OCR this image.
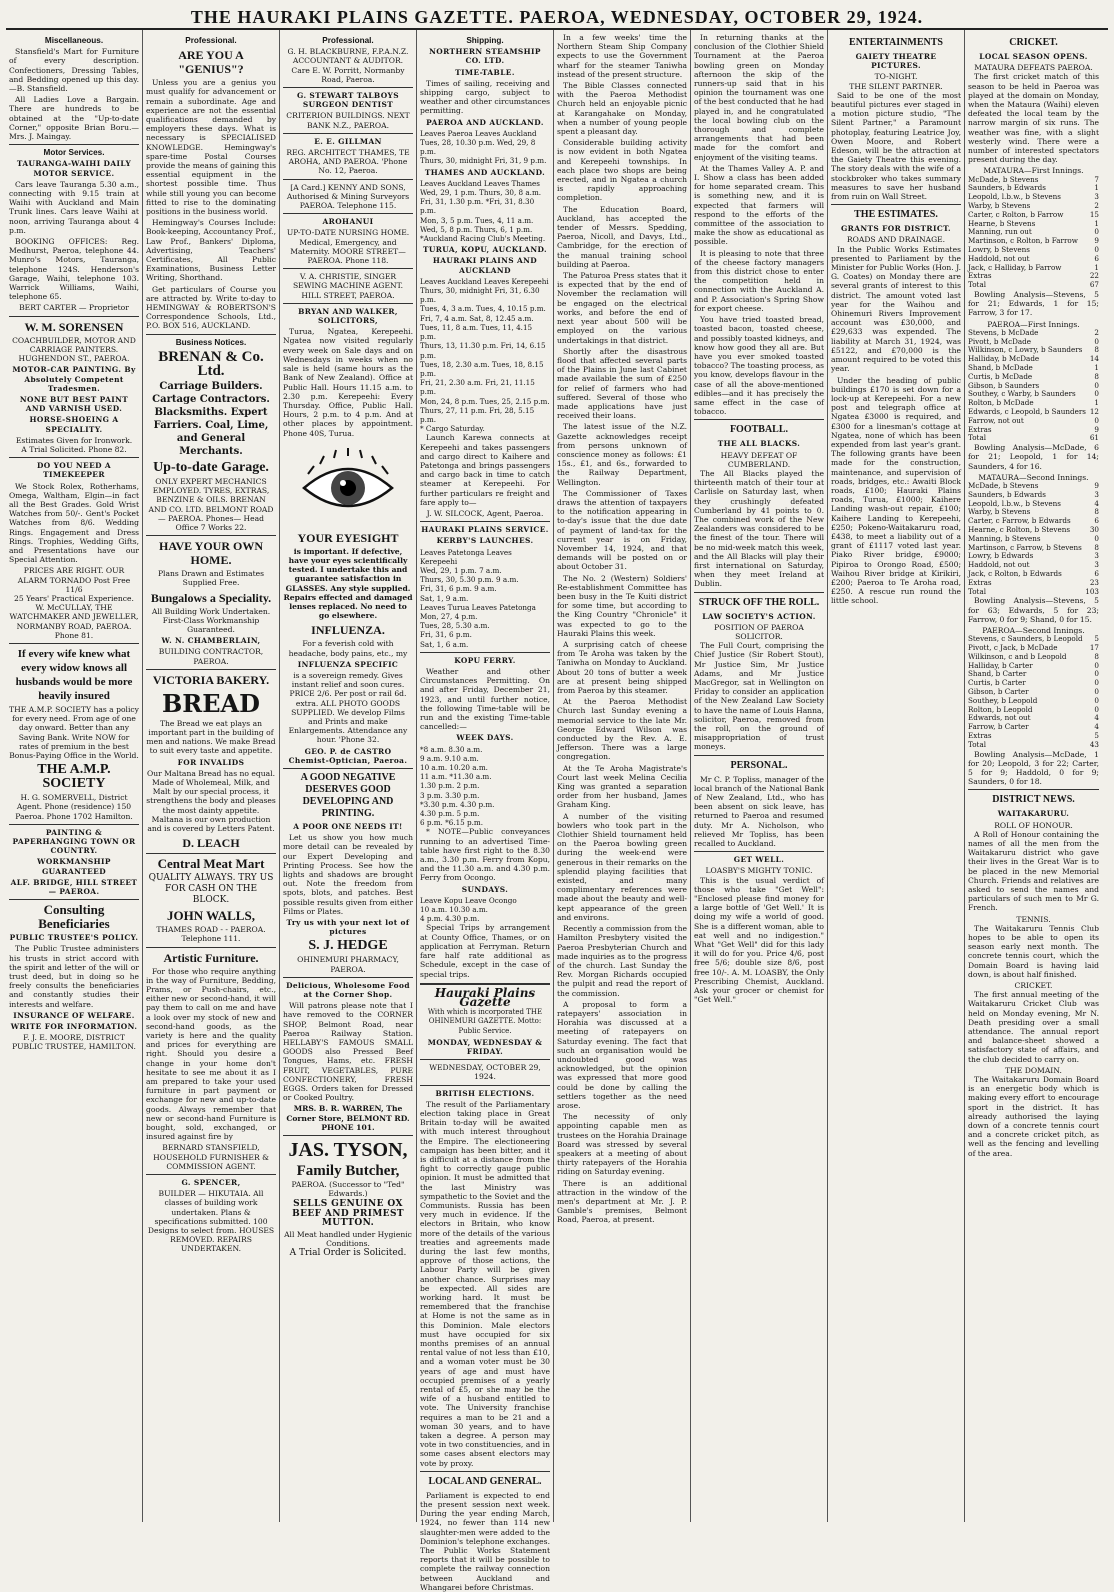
THE HAURAKI PLAINS GAZETTE. PAEROA, WEDNESDAY, OCTOBER 29, 1924.
Miscellaneous.

Stansfield's Mart for Furniture of every description. Confectioners, Dressing Tables, and Bedding opened up this day.—B. Stansfield.

All Ladies Love a Bargain. There are hundreds to be obtained at the "Up-to-date Corner," opposite Brian Boru.—Mrs. J. Maingay.

Motor Services.
TAURANGA-WAIHI DAILY MOTOR SERVICE.

Cars leave Tauranga 5.30 a.m., connecting with 9.15 train at Waihi with Auckland and Main Trunk lines. Cars leave Waihi at noon, arriving Tauranga about 4 p.m.

BOOKING OFFICES: Reg. Medhurst, Paeroa, telephone 44. Munro's Motors, Tauranga, telephone 124S. Henderson's Garage, Waihi, telephone 103. Warrick Williams, Waihi, telephone 65.

BERT CARTER — Proprietor
W. M. SORENSEN
COACHBUILDER, MOTOR AND CARRIAGE PAINTERS. HUGHENDON ST., PAEROA.
MOTOR-CAR PAINTING. By Absolutely Competent Tradesmen.
NONE BUT BEST PAINT AND VARNISH USED.
HORSE-SHOEING A SPECIALITY.
Estimates Given for Ironwork.
A Trial Solicited. Phone 82.
DO YOU NEED A TIMEKEEPER

We Stock Rolex, Rotherhams, Omega, Waltham, Elgin—in fact all the Best Grades. Gold Wrist Watches from 50/-. Gent's Pocket Watches from 8/6. Wedding Rings. Engagement and Dress Rings. Trophies, Wedding Gifts, and Presentations have our Special Attention.

PRICES ARE RIGHT. OUR ALARM TORNADO Post Free 11/6
25 Years' Practical Experience.
W. McCULLAY, THE WATCHMAKER AND JEWELLER, NORMANBY ROAD, PAEROA. Phone 81.
If every wife knew what every widow knows all husbands would be more heavily insured

THE A.M.P. SOCIETY has a policy for every need. From age of one day onward. Better than any Saving Bank. Write NOW for rates of premium in the best Bonus-Paying Office in the World.

THE A.M.P. SOCIETY
H. G. SOMERVELL, District Agent. Phone (residence) 150 Paeroa. Phone 1702 Hamilton.
PAINTING & PAPERHANGING TOWN OR COUNTRY.
WORKMANSHIP GUARANTEED
ALF. BRIDGE, HILL STREET — PAEROA.
Consulting Beneficiaries
PUBLIC TRUSTEE'S POLICY.

The Public Trustee administers his trusts in strict accord with the spirit and letter of the will or trust deed, but in doing so he freely consults the beneficiaries and constantly studies their interests and welfare.

INSURANCE OF WELFARE.
WRITE FOR INFORMATION.
F. J. E. MOORE, DISTRICT PUBLIC TRUSTEE, HAMILTON.
Professional.
ARE YOU A "GENIUS"?

Unless you are a genius you must qualify for advancement or remain a subordinate. Age and experience are not the essential qualifications demanded by employers these days. What is necessary is SPECIALISED KNOWLEDGE. Hemingway's spare-time Postal Courses provide the means of gaining this essential equipment in the shortest possible time. Thus while still young you can become fitted to rise to the dominating positions in the business world.

Hemingway's Courses Include: Book-keeping, Accountancy Prof., Law Prof., Bankers' Diploma, Advertising, Teachers' Certificates, All Public Examinations, Business Letter Writing, Shorthand.

Get particulars of Course you are attracted by. Write to-day to HEMINGWAY & ROBERTSON'S Correspondence Schools, Ltd., P.O. BOX 516, AUCKLAND.

Business Notices.
BRENAN & Co. Ltd.
Carriage Builders. Cartage Contractors. Blacksmiths. Expert Farriers. Coal, Lime, and General Merchants.
Up-to-date Garage.
ONLY EXPERT MECHANICS EMPLOYED. TYRES, EXTRAS, BENZINE & OILS. BRENAN AND CO. LTD. BELMONT ROAD — PAEROA. Phones— Head Office 7 Works 22.
HAVE YOUR OWN HOME.
Plans Drawn and Estimates Supplied Free.
Bungalows a Speciality.
All Building Work Undertaken. First-Class Workmanship Guaranteed.
W. N. CHAMBERLAIN,
BUILDING CONTRACTOR, PAEROA.
VICTORIA BAKERY.
BREAD

The Bread we eat plays an important part in the building of men and nations. We make Bread to suit every taste and appetite.

FOR INVALIDS

Our Maltana Bread has no equal. Made of Wholemeal, Milk, and Malt by our special process, it strengthens the body and pleases the most dainty appetite. Maltana is our own production and is covered by Letters Patent.

D. LEACH
Central Meat Mart
QUALITY ALWAYS. TRY US FOR CASH ON THE BLOCK.
JOHN WALLS,
THAMES ROAD - - PAEROA. Telephone 111.
Artistic Furniture.

For those who require anything in the way of Furniture, Bedding, Prams, or Push-chairs, etc., either new or second-hand, it will pay them to call on me and have a look over my stock of new and second-hand goods, as the variety is here and the quality and prices for everything are right. Should you desire a change in your home don't hesitate to see me about it as I am prepared to take your used furniture in part payment or exchange for new and up-to-date goods. Always remember that new or second-hand Furniture is bought, sold, exchanged, or insured against fire by

BERNARD STANSFIELD, HOUSEHOLD FURNISHER & COMMISSION AGENT.
G. SPENCER,
BUILDER — HIKUTAIA. All classes of building work undertaken. Plans & specifications submitted. 100 Designs to select from. HOUSES REMOVED. REPAIRS UNDERTAKEN.
Professional.
G. H. BLACKBURNE, F.P.A.N.Z. ACCOUNTANT & AUDITOR. Care E. W. Porritt, Normanby Road, Paeroa.
G. STEWART TALBOYS SURGEON DENTIST
CRITERION BUILDINGS. NEXT BANK N.Z., PAEROA.
E. E. GILLMAN
REG. ARCHITECT THAMES, TE AROHA, AND PAEROA. 'Phone No. 12, Paeroa.
[A Card.] KENNY AND SONS, Authorised & Mining Surveyors PAEROA. Telephone 115.
AROHANUI
UP-TO-DATE NURSING HOME. Medical, Emergency, and Maternity. MOORE STREET—PAEROA. Phone 118.
V. A. CHRISTIE, SINGER SEWING MACHINE AGENT. HILL STREET, PAEROA.
BRYAN AND WALKER, SOLICITORS,

Turua, Ngatea, Kerepeehi. Ngatea now visited regularly every week on Sale days and on Wednesdays in weeks when no sale is held (same hours as the Bank of New Zealand). Office at Public Hall. Hours 11.15 a.m. to 2.30 p.m. Kerepeehi: Every Thursday. Office, Public Hall. Hours, 2 p.m. to 4 p.m. And at other places by appointment. Phone 40S, Turua.

YOUR EYESIGHT

is important. If defective, have your eyes scientifically tested. I undertake this and guarantee satisfaction in GLASSES. Any style supplied. Repairs effected and damaged lenses replaced. No need to go elsewhere.

INFLUENZA.
For a feverish cold with headache, body pains, etc., my
INFLUENZA SPECIFIC

is a sovereign remedy. Gives instant relief and soon cures. PRICE 2/6. Per post or rail 6d. extra. ALL PHOTO GOODS SUPPLIED. We develop Films and Prints and make Enlargements. Attendance any hour. 'Phone 32.

GEO. P. de CASTRO Chemist-Optician, Paeroa.
A GOOD NEGATIVE DESERVES GOOD DEVELOPING AND PRINTING.
A POOR ONE NEEDS IT!

Let us show you how much more detail can be revealed by our Expert Developing and Printing Process. See how the lights and shadows are brought out. Note the freedom from spots, blots, and patches. Best possible results given from either Films or Plates.

Try us with your next lot of pictures
S. J. HEDGE
OHINEMURI PHARMACY, PAEROA.
Delicious, Wholesome Food at the Corner Shop.

Will patrons please note that I have removed to the CORNER SHOP, Belmont Road, near Paeroa Railway Station. HELLABY'S FAMOUS SMALL GOODS also Pressed Beef Tongues, Hams, etc. FRESH FRUIT, VEGETABLES, PURE CONFECTIONERY, FRESH EGGS. Orders taken for Dressed or Cooked Poultry.

MRS. B. R. WARREN, The Corner Store, BELMONT RD. PHONE 101.
JAS. TYSON,
Family Butcher,
PAEROA. (Successor to "Ted" Edwards.)
SELLS GENUINE OX BEEF AND PRIMEST MUTTON.
All Meat handled under Hygienic Conditions.
A Trial Order is Solicited.
Shipping.
NORTHERN STEAMSHIP CO. LTD.
TIME-TABLE.

Times of sailing, receiving and shipping cargo, subject to weather and other circumstances permitting.

PAEROA AND AUCKLAND.
Leaves Paeroa Leaves Auckland
Tues, 28, 10.30 p.m. Wed, 29, 8 p.m.
Thurs, 30, midnight Fri, 31, 9 p.m.
THAMES AND AUCKLAND.
Leaves Auckland Leaves Thames
Wed, 29, 1 p.m. Thurs, 30, 8 a.m.
Fri, 31, 1.30 p.m. *Fri, 31, 8.30 p.m.
Mon, 3, 5 p.m. Tues, 4, 11 a.m.
Wed, 5, 8 p.m. Thurs, 6, 1 p.m.
*Auckland Racing Club's Meeting.
TURUA, KOPU, AUCKLAND.
HAURAKI PLAINS AND AUCKLAND
Leaves Auckland Leaves Kerepeehi
Thurs, 30, midnight Fri, 31, 6.30 p.m.
Tues, 4, 3 a.m. Tues, 4, 10.15 p.m.
Fri, 7, 4 a.m. Sat, 8, 12.45 a.m.
Tues, 11, 8 a.m. Tues, 11, 4.15 p.m.
Thurs, 13, 11.30 p.m. Fri, 14, 6.15 p.m.
Tues, 18, 2.30 a.m. Tues, 18, 8.15 p.m.
Fri, 21, 2.30 a.m. Fri, 21, 11.15 p.m.
Mon, 24, 8 p.m. Tues, 25, 2.15 p.m.
Thurs, 27, 11 p.m. Fri, 28, 5.15 p.m.
* Cargo Saturday.

Launch Karewa connects at Kerepeehi and takes passengers and cargo direct to Kaihere and Patetonga and brings passengers and cargo back in time to catch steamer at Kerepeehi. For further particulars re freight and fare apply to—

J. W. SILCOCK, Agent, Paeroa.
HAURAKI PLAINS SERVICE.
KERBY'S LAUNCHES.
Leaves Patetonga Leaves Kerepeehi
Wed, 29, 1 p.m. 7 a.m.
Thurs, 30, 5.30 p.m. 9 a.m.
Fri, 31, 6 p.m. 9 a.m.
Sat, 1, 9 a.m.
Leaves Turua Leaves Patetonga
Mon, 27, 4 p.m.
Tues, 28, 5.30 a.m.
Fri, 31, 6 p.m.
Sat, 1, 6 a.m.
KOPU FERRY.

Weather and other Circumstances Permitting. On and after Friday, December 21, 1923, and until further notice, the following Time-table will be run and the existing Time-table cancelled:—

WEEK DAYS.
*8 a.m. 8.30 a.m.
9 a.m. 9.10 a.m.
10 a.m. 10.20 a.m.
11 a.m. *11.30 a.m.
1.30 p.m. 2 p.m.
3 p.m. 3.30 p.m.
*3.30 p.m. 4.30 p.m.
4.30 p.m. 5 p.m.
6 p.m. *6.15 p.m.

* NOTE—Public conveyances running to an advertised Time-table have first right to the 8.30 a.m., 3.30 p.m. Ferry from Kopu, and the 11.30 a.m. and 4.30 p.m. Ferry from Ocongo.

SUNDAYS.
Leave Kopu Leave Ocongo
10 a.m. 10.30 a.m.
4 p.m. 4.30 p.m.

Special Trips by arrangement at County Office, Thames, or on application at Ferryman. Return fare half rate additional as Schedule, except in the case of special trips.

Hauraki Plains Gazette
With which is incorporated THE OHINEMURI GAZETTE. Motto: Public Service.
MONDAY, WEDNESDAY & FRIDAY.
WEDNESDAY, OCTOBER 29, 1924.
BRITISH ELECTIONS.

The result of the Parliamentary election taking place in Great Britain to-day will be awaited with much interest throughout the Empire. The electioneering campaign has been bitter, and it is difficult at a distance from the fight to correctly gauge public opinion. It must be admitted that the last Ministry was sympathetic to the Soviet and the Communists. Russia has been very much in evidence. If the electors in Britain, who know more of the details of the various treaties and agreements made during the last few months, approve of those actions, the Labour Party will be given another chance. Surprises may be expected. All sides are working hard. It must be remembered that the franchise at Home is not the same as in this Dominion. Male electors must have occupied for six months premises of an annual rental value of not less than £10, and a woman voter must be 30 years of age and must have occupied premises of a yearly rental of £5, or she may be the wife of a husband entitled to vote. The University franchise requires a man to be 21 and a woman 30 years, and to have taken a degree. A person may vote in two constituencies, and in some cases absent electors may vote by proxy.

LOCAL AND GENERAL.

Parliament is expected to end the present session next week. During the year ending March, 1924, no fewer than 114 new slaughter-men were added to the Dominion's telephone exchanges. The Public Works Statement reports that it will be possible to complete the railway connection between Auckland and Whangarei before Christmas.

In a few weeks' time the Northern Steam Ship Company expects to use the Government wharf for the steamer Taniwha instead of the present structure.

The Bible Classes connected with the Paeroa Methodist Church held an enjoyable picnic at Karangahake on Monday, when a number of young people spent a pleasant day.

Considerable building activity is now evident in both Ngatea and Kerepeehi townships. In each place two shops are being erected, and in Ngatea a church is rapidly approaching completion.

The Education Board, Auckland, has accepted the tender of Messrs. Spedding, Paeroa, Nicoll, and Davys, Ltd., Cambridge, for the erection of the manual training school building at Paeroa.

The Paturoa Press states that it is expected that by the end of November the reclamation will be engaged on the electrical works, and before the end of next year about 500 will be employed on the various undertakings in that district.

Shortly after the disastrous flood that affected several parts of the Plains in June last Cabinet made available the sum of £250 for relief of farmers who had suffered. Several of those who made applications have just received their loans.

The latest issue of the N.Z. Gazette acknowledges receipt from persons unknown of conscience money as follows: £1 15s., £1, and 6s., forwarded to the Railway Department, Wellington.

The Commissioner of Taxes draws the attention of taxpayers to the notification appearing in to-day's issue that the due date of payment of land-tax for the current year is on Friday, November 14, 1924, and that demands will be posted on or about October 31.

The No. 2 (Western) Soldiers' Re-establishment Committee has been busy in the Te Kuiti district for some time, but according to the King Country "Chronicle" it was expected to go to the Hauraki Plains this week.

A surprising catch of cheese from Te Aroha was taken by the Taniwha on Monday to Auckland. About 20 tons of butter a week are at present being shipped from Paeroa by this steamer.

At the Paeroa Methodist Church last Sunday evening a memorial service to the late Mr. George Edward Wilson was conducted by the Rev. A. E. Jefferson. There was a large congregation.

At the Te Aroha Magistrate's Court last week Melina Cecilia King was granted a separation order from her husband, James Graham King.

A number of the visiting bowlers who took part in the Clothier Shield tournament held on the Paeroa bowling green during the week-end were generous in their remarks on the splendid playing facilities that existed, and many complimentary references were made about the beauty and well-kept appearance of the green and environs.

Recently a commission from the Hamilton Presbytery visited the Paeroa Presbyterian Church and made inquiries as to the progress of the church. Last Sunday the Rev. Morgan Richards occupied the pulpit and read the report of the commission.

A proposal to form a ratepayers' association in Horahia was discussed at a meeting of ratepayers on Saturday evening. The fact that such an organisation would be undoubted good was acknowledged, but the opinion was expressed that more good could be done by calling the settlers together as the need arose.

The necessity of only appointing capable men as trustees on the Horahia Drainage Board was stressed by several speakers at a meeting of about thirty ratepayers of the Horahia riding on Saturday evening.

There is an additional attraction in the window of the men's department at Mr. J. P. Gamble's premises, Belmont Road, Paeroa, at present.

In returning thanks at the conclusion of the Clothier Shield Tournament at the Paeroa bowling green on Monday afternoon the skip of the runners-up said that in his opinion the tournament was one of the best conducted that he had played in, and he congratulated the local bowling club on the thorough and complete arrangements that had been made for the comfort and enjoyment of the visiting teams.

At the Thames Valley A. P. and I. Show a class has been added for home separated cream. This is something new, and it is expected that farmers will respond to the efforts of the committee of the association to make the show as educational as possible.

It is pleasing to note that three of the cheese factory managers from this district chose to enter the competition held in connection with the Auckland A. and P. Association's Spring Show for export cheese.

You have tried toasted bread, toasted bacon, toasted cheese, and possibly toasted kidneys, and know how good they all are. But have you ever smoked toasted tobacco? The toasting process, as you know, develops flavour in the case of all the above-mentioned edibles—and it has precisely the same effect in the case of tobacco.

FOOTBALL.
THE ALL BLACKS.
HEAVY DEFEAT OF CUMBERLAND.

The All Blacks played the thirteenth match of their tour at Carlisle on Saturday last, when they crushingly defeated Cumberland by 41 points to 0. The combined work of the New Zealanders was considered to be the finest of the tour. There will be no mid-week match this week, and the All Blacks will play their first international on Saturday, when they meet Ireland at Dublin.

STRUCK OFF THE ROLL.
LAW SOCIETY'S ACTION.
POSITION OF PAEROA SOLICITOR.

The Full Court, comprising the Chief Justice (Sir Robert Stout), Mr Justice Sim, Mr Justice Adams, and Mr Justice MacGregor, sat in Wellington on Friday to consider an application of the New Zealand Law Society to have the name of Louis Hanna, solicitor, Paeroa, removed from the roll, on the ground of misappropriation of trust moneys.

PERSONAL.

Mr C. P. Topliss, manager of the local branch of the National Bank of New Zealand, Ltd., who has been absent on sick leave, has returned to Paeroa and resumed duty. Mr A. Nicholson, who relieved Mr Topliss, has been recalled to Auckland.

GET WELL.
LOASBY'S MIGHTY TONIC.

This is the usual verdict of those who take "Get Well": "Enclosed please find money for a large bottle of 'Get Well.' It is doing my wife a world of good. She is a different woman, able to eat well and no indigestion." What "Get Well" did for this lady it will do for you. Price 4/6, post free 5/6; double size 8/6, post free 10/-. A. M. LOASBY, the Only Prescribing Chemist, Auckland. Ask your grocer or chemist for "Get Well."

ENTERTAINMENTS
GAIETY THEATRE PICTURES.
TO-NIGHT.
THE SILENT PARTNER.

Said to be one of the most beautiful pictures ever staged in a motion picture studio, "The Silent Partner," a Paramount photoplay, featuring Leatrice Joy, Owen Moore, and Robert Edeson, will be the attraction at the Gaiety Theatre this evening. The story deals with the wife of a stockbroker who takes summary measures to save her husband from ruin on Wall Street.

THE ESTIMATES.
GRANTS FOR DISTRICT.
ROADS AND DRAINAGE.

In the Public Works Estimates presented to Parliament by the Minister for Public Works (Hon. J. G. Coates) on Monday there are several grants of interest to this district. The amount voted last year for the Waihou and Ohinemuri Rivers Improvement account was £30,000, and £29,633 was expended. The liability at March 31, 1924, was £5122, and £70,000 is the amount required to be voted this year.

Under the heading of public buildings £170 is set down for a lock-up at Kerepeehi. For a new post and telegraph office at Ngatea £3000 is required, and £300 for a linesman's cottage at Ngatea, none of which has been expended from last year's grant. The following grants have been made for the construction, maintenance, and supervision of roads, bridges, etc.: Awaiti Block roads, £100; Hauraki Plains roads, Turua, £1000; Kaihere Landing wash-out repair, £100; Kaihere Landing to Kerepeehi, £250; Pokeno-Waitakaruru road, £438, to meet a liability out of a grant of £1117 voted last year. Piako River bridge, £9000; Pipiroa to Orongo Road, £500; Waihou River bridge at Kirikiri, £200; Paeroa to Te Aroha road, £250. A rescue run round the little school.

CRICKET.
LOCAL SEASON OPENS.
MATAURA DEFEATS PAEROA.

The first cricket match of this season to be held in Paeroa was played at the domain on Monday, when the Mataura (Waihi) eleven defeated the local team by the narrow margin of six runs. The weather was fine, with a slight westerly wind. There were a number of interested spectators present during the day.

MATAURA—First Innings.
McDade, b Stevens	7
Saunders, b Edwards	1
Leopold, l.b.w., b Stevens	3
Warby, b Stevens	2
Carter, c Rolton, b Farrow	15
Hearne, b Stevens	1
Manning, run out	0
Martinson, c Rolton, b Farrow 9
Lowry, b Stevens	0
Haddold, not out	6
Jack, c Halliday, b Farrow	1
Extras	22
Total	67

Bowling Analysis—Stevens, 5 for 21; Edwards, 1 for 15; Farrow, 3 for 17.

PAEROA—First Innings.
Stevens, b McDade	2
Pivott, b McDade	0
Wilkinson, c Lowry, b Saunders 8
Halliday, b McDade	14
Shand, b McDade	1
Curtis, b McDade	8
Gibson, b Saunders	0
Southey, c Warby, b Saunders	0
Rolton, b McDade	1
Edwards, c Leopold, b Saunders 12
Farrow, not out	0
Extras	9
Total	61

Bowling Analysis—McDade, 6 for 21; Leopold, 1 for 14; Saunders, 4 for 16.

MATAURA—Second Innings.
McDade, b Stevens	9
Saunders, b Edwards	3
Leopold, l.b.w., b Stevens	4
Warby, b Stevens	8
Carter, c Farrow, b Edwards	6
Hearne, c Rolton, b Stevens	30
Manning, b Stevens	0
Martinson, c Farrow, b Stevens 8
Lowry, b Edwards	3
Haddold, not out	3
Jack, c Rolton, b Edwards	6
Extras	23
Total	103

Bowling Analysis—Stevens, 5 for 63; Edwards, 5 for 23; Farrow, 0 for 9; Shand, 0 for 15.

PAEROA—Second Innings.
Stevens, c Saunders, b Leopold 5
Pivott, c Jack, b McDade	17
Wilkinson, c and b Leopold	8
Halliday, b Carter	0
Shand, b Carter	0
Curtis, b Carter	0
Gibson, b Carter	0
Southey, b Leopold	0
Rolton, b Leopold	0
Edwards, not out	4
Farrow, b Carter	4
Extras	5
Total	43

Bowling Analysis—McDade, 1 for 20; Leopold, 3 for 22; Carter, 5 for 9; Haddold, 0 for 9; Saunders, 0 for 18.

DISTRICT NEWS.
WAITAKARURU.
ROLL OF HONOUR.

A Roll of Honour containing the names of all the men from the Waitakaruru district who gave their lives in the Great War is to be placed in the new Memorial Church. Friends and relatives are asked to send the names and particulars of such men to Mr G. French.

TENNIS.

The Waitakaruru Tennis Club hopes to be able to open its season early next month. The concrete tennis court, which the Domain Board is having laid down, is about half finished.

CRICKET.

The first annual meeting of the Waitakaruru Cricket Club was held on Monday evening, Mr N. Death presiding over a small attendance. The annual report and balance-sheet showed a satisfactory state of affairs, and the club decided to carry on.

THE DOMAIN.

The Waitakaruru Domain Board is an energetic body which is making every effort to encourage sport in the district. It has already authorised the laying down of a concrete tennis court and a concrete cricket pitch, as well as the fencing and levelling of the area.
